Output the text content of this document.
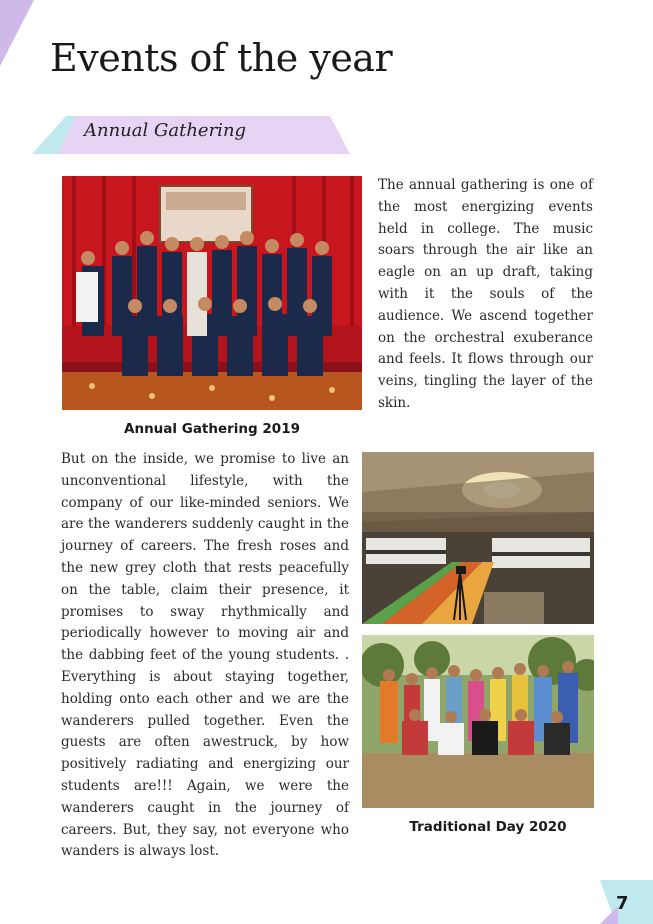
Events of the year
Annual Gathering

The annual gathering is one of the most energizing events held in college. The music soars through the air like an eagle on an up draft, taking with it the souls of the audience. We ascend together on the orchestral exuberance and feels. It flows through our veins, tingling the layer of the skin.

Annual Gathering 2019

But on the inside, we promise to live an unconventional lifestyle, with the company of our like-minded seniors. We are the wanderers suddenly caught in the journey of careers. The fresh roses and the new grey cloth that rests peacefully on the table, claim their presence, it promises to sway rhythmically and periodically however to moving air and the dabbing feet of the young students. . Everything is about staying together, holding onto each other and we are the wanderers pulled together. Even the guests are often awestruck, by how positively radiating and energizing our students are!!! Again, we were the wanderers caught in the journey of careers. But, they say, not everyone who wanders is always lost.

Traditional Day 2020
7
